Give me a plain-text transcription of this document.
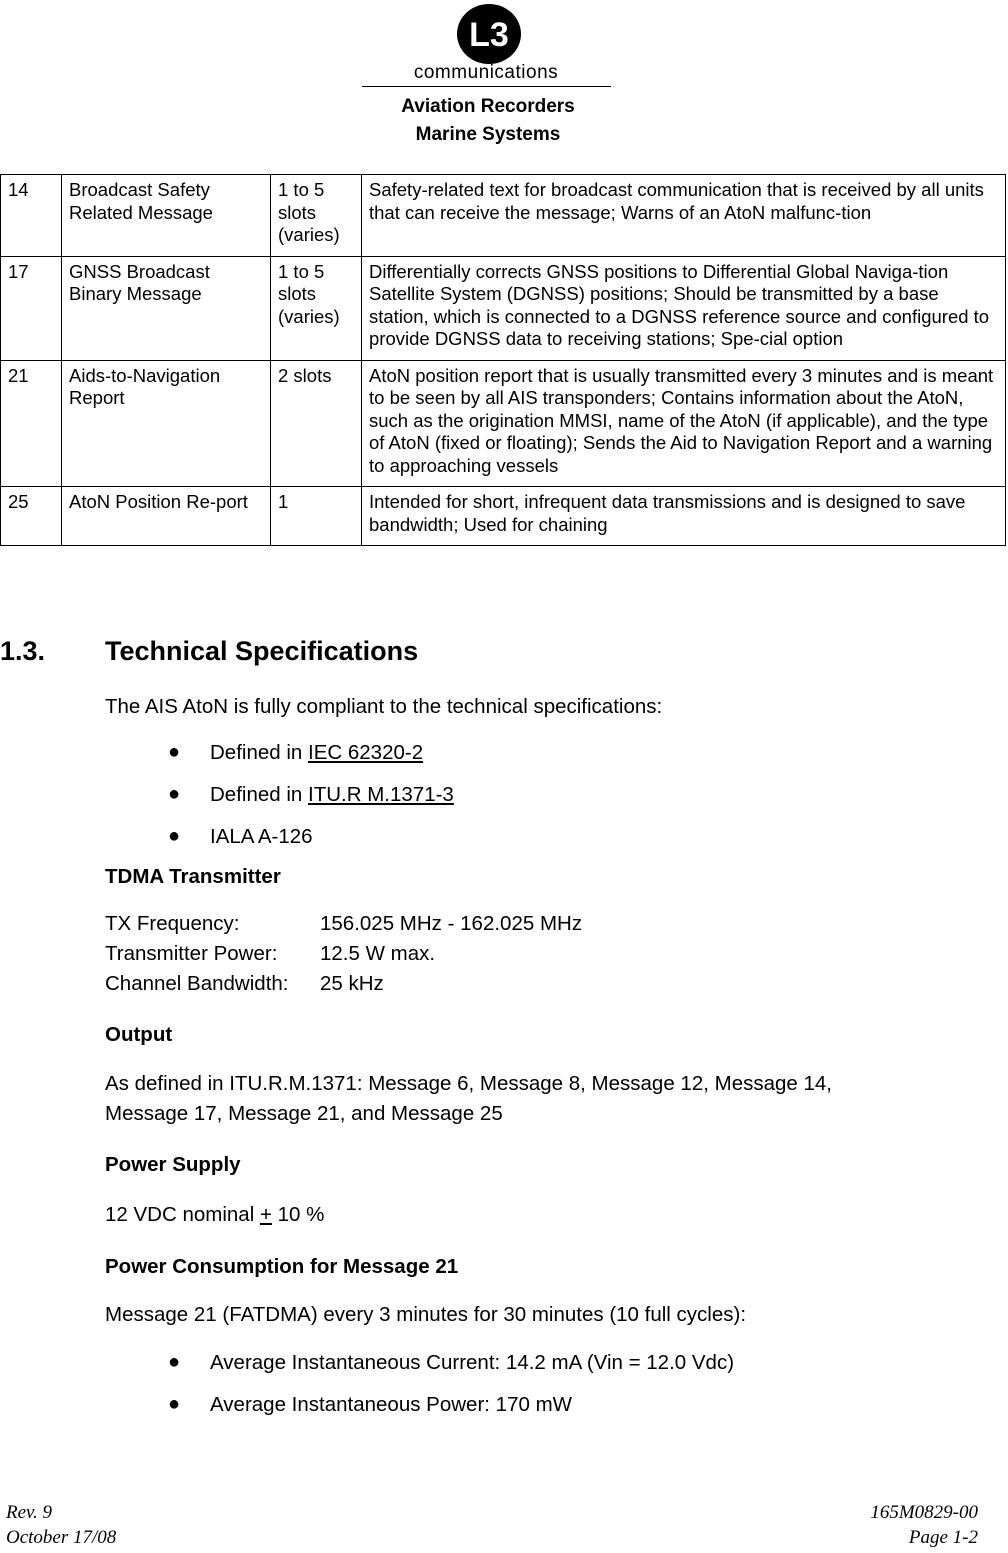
L3
communications
Aviation Recorders
Marine Systems
14	Broadcast Safety Related Message	1 to 5 slots (varies)	Safety-related text for broadcast communication that is received by all units that can receive the message; Warns of an AtoN malfunc-tion
17	GNSS Broadcast Binary Message	1 to 5 slots (varies)	Differentially corrects GNSS positions to Differential Global Naviga-tion Satellite System (DGNSS) positions; Should be transmitted by a base station, which is connected to a DGNSS reference source and configured to provide DGNSS data to receiving stations; Spe-cial option
21	Aids-to-Navigation Report	2 slots	AtoN position report that is usually transmitted every 3 minutes and is meant to be seen by all AIS transponders; Contains information about the AtoN, such as the origination MMSI, name of the AtoN (if applicable), and the type of AtoN (fixed or floating); Sends the Aid to Navigation Report and a warning to approaching vessels
25	AtoN Position Re-port	1	Intended for short, infrequent data transmissions and is designed to save bandwidth; Used for chaining
1.3. Technical Specifications
The AIS AtoN is fully compliant to the technical specifications:
● Defined in IEC 62320-2
● Defined in ITU.R M.1371-3
● IALA A-126
TDMA Transmitter
TX Frequency:	156.025 MHz - 162.025 MHz
Transmitter Power: 12.5 W max.
Channel Bandwidth: 25 kHz
Output
As defined in ITU.R.M.1371: Message 6, Message 8, Message 12, Message 14,
Message 17, Message 21, and Message 25
Power Supply
12 VDC nominal + 10 %
Power Consumption for Message 21
Message 21 (FATDMA) every 3 minutes for 30 minutes (10 full cycles):
● Average Instantaneous Current: 14.2 mA (Vin = 12.0 Vdc)
● Average Instantaneous Power: 170 mW
Rev. 9
October 17/08
165M0829-00
Page 1-2
